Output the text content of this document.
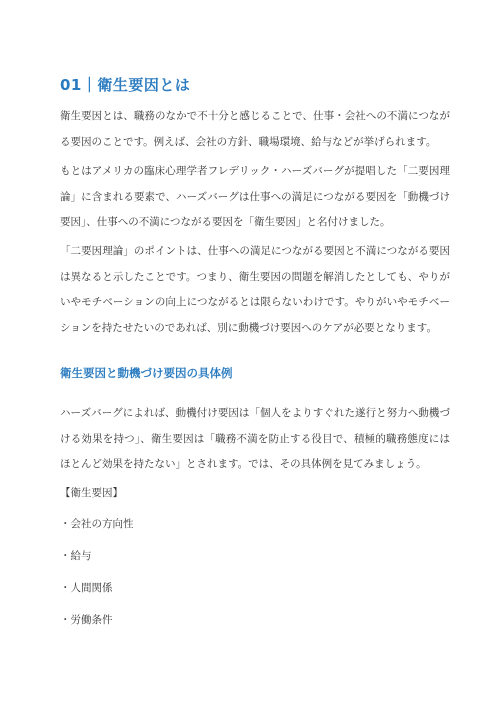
01｜衛生要因とは

衛生要因とは、職務のなかで不十分と感じることで、仕事・会社への不満につながる要因のことです。例えば、会社の方針、職場環境、給与などが挙げられます。

もとはアメリカの臨床心理学者フレデリック・ハーズバーグが提唱した「二要因理論」に含まれる要素で、ハーズバーグは仕事への満足につながる要因を「動機づけ要因」、仕事への不満につながる要因を「衛生要因」と名付けました。

「二要因理論」のポイントは、仕事への満足につながる要因と不満につながる要因は異なると示したことです。つまり、衛生要因の問題を解消したとしても、やりがいやモチベーションの向上につながるとは限らないわけです。やりがいやモチベーションを持たせたいのであれば、別に動機づけ要因へのケアが必要となります。

衛生要因と動機づけ要因の具体例

ハーズバーグによれば、動機付け要因は「個人をよりすぐれた遂行と努力へ動機づける効果を持つ」、衛生要因は「職務不満を防止する役目で、積極的職務態度にはほとんど効果を持たない」とされます。では、その具体例を見てみましょう。

【衛生要因】
・会社の方向性
・給与
・人間関係
・労働条件
